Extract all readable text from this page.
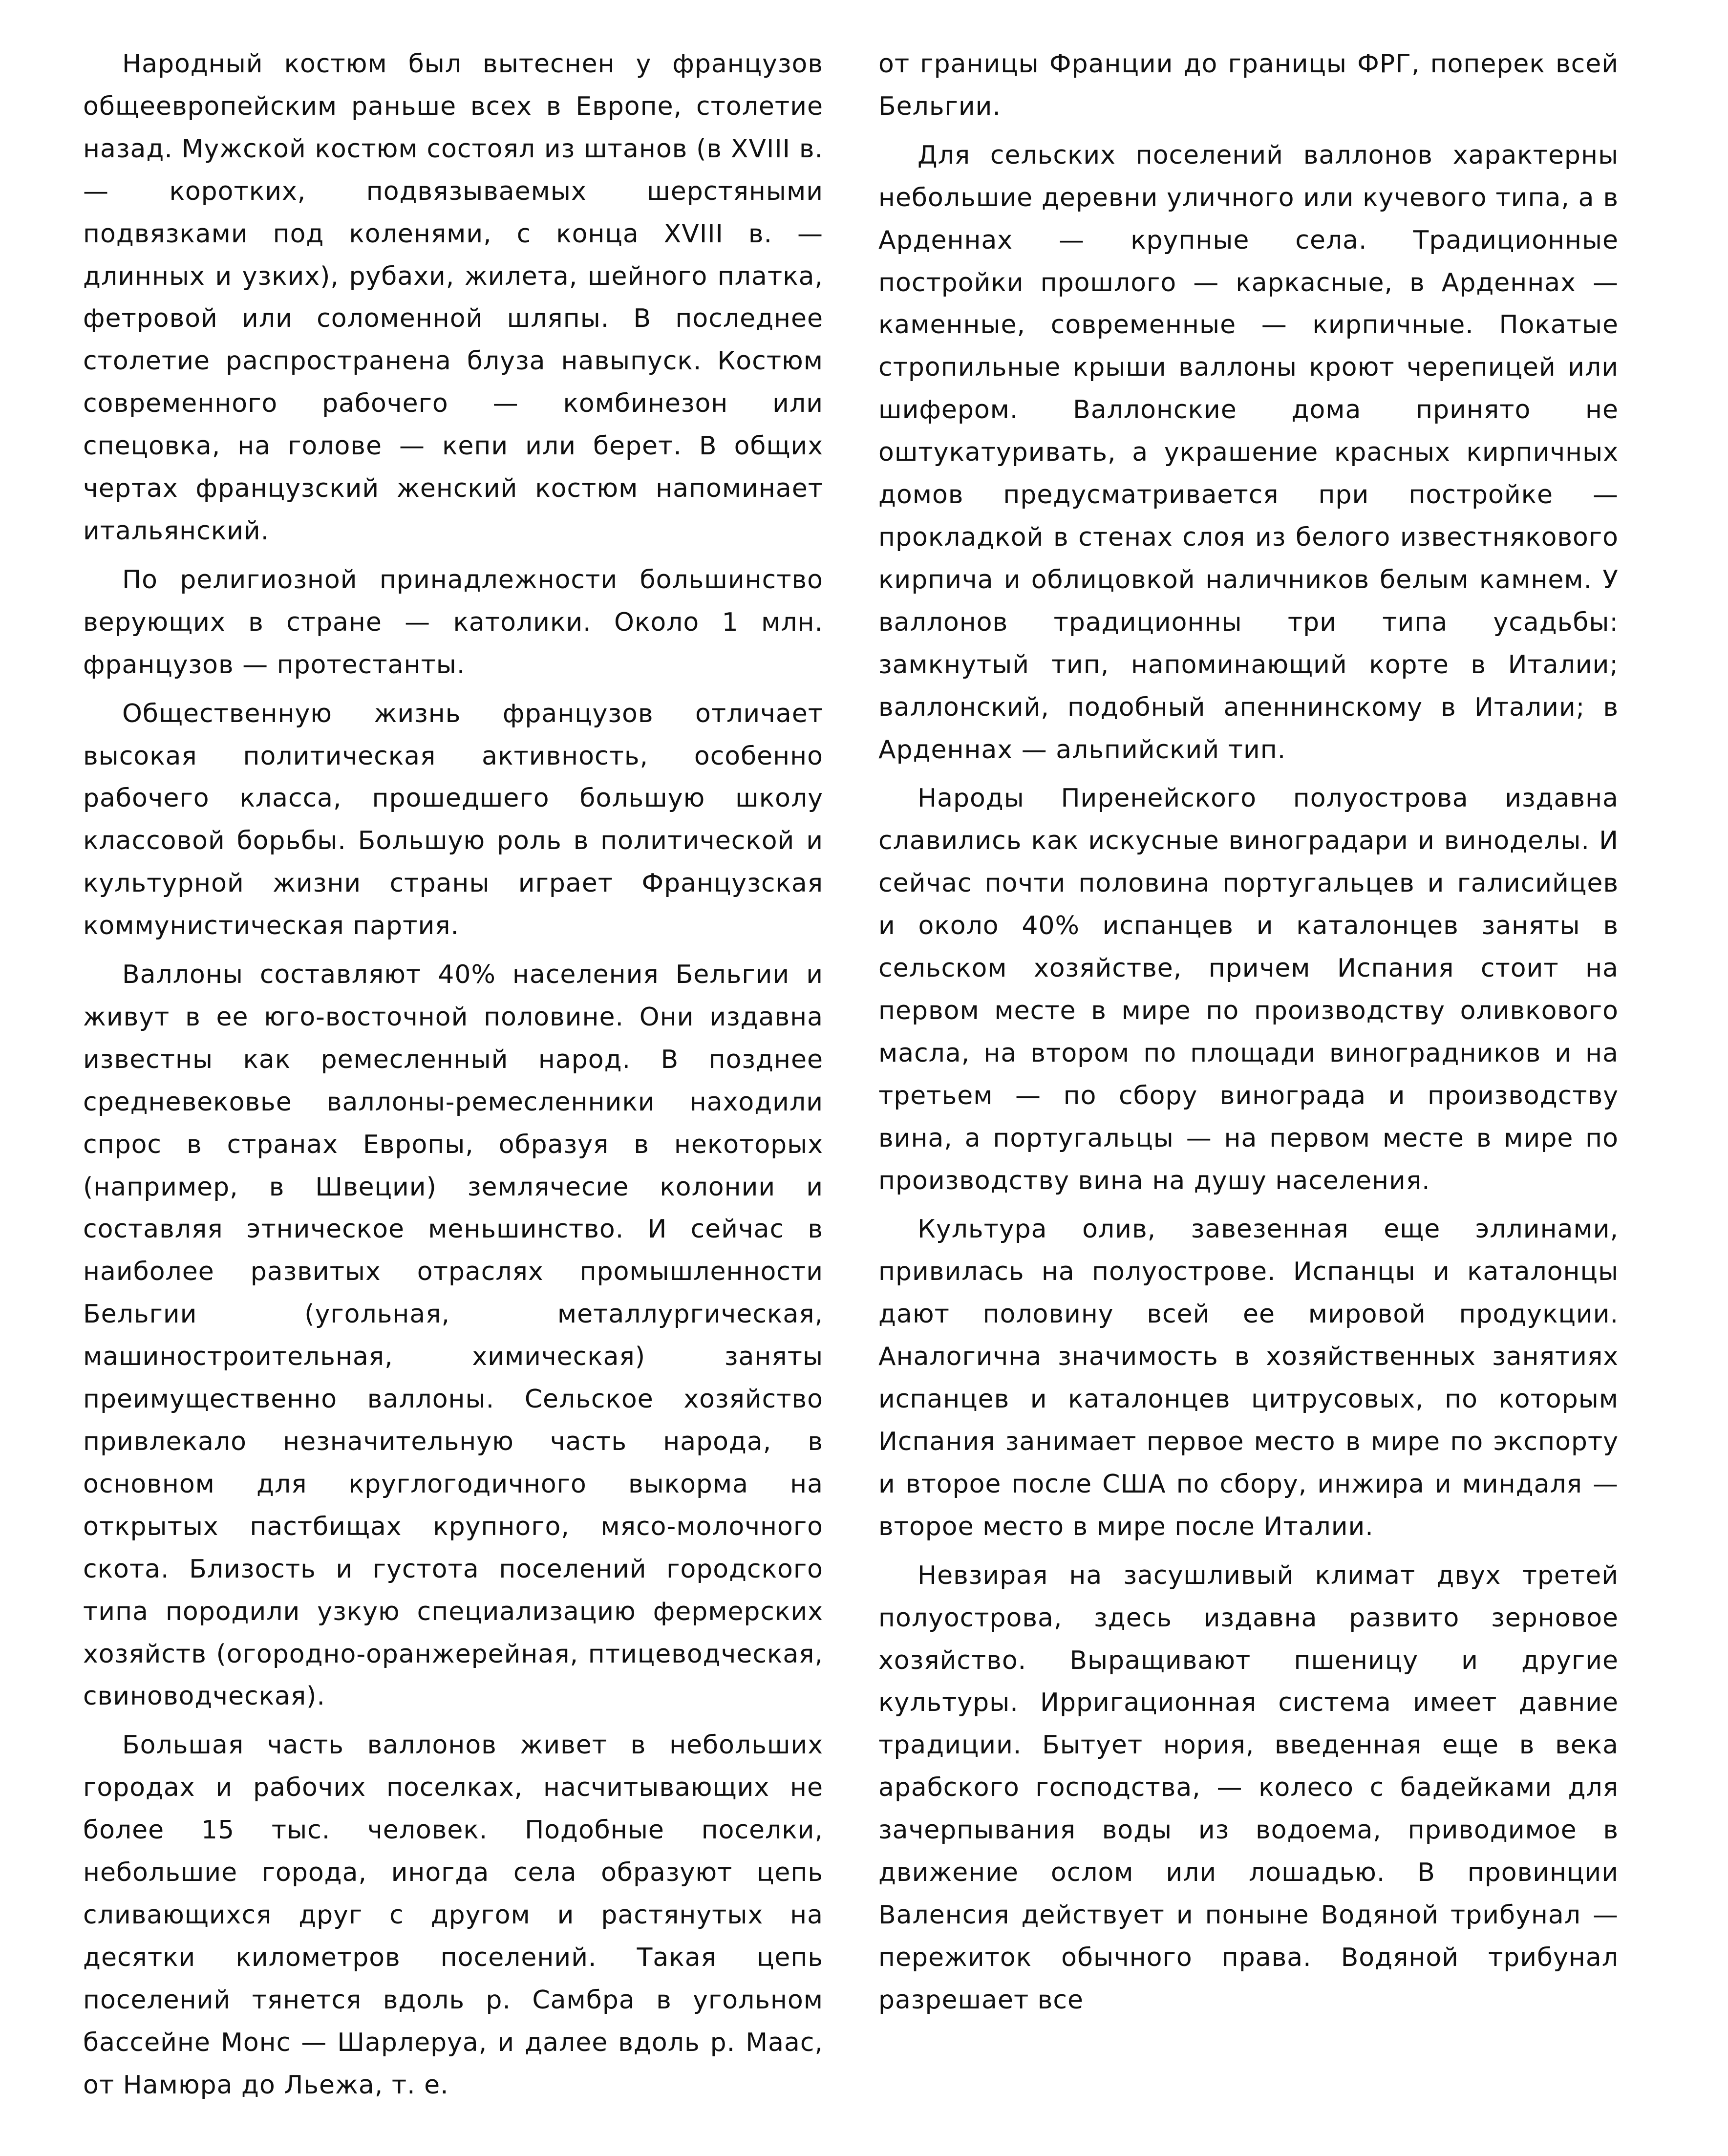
Народный костюм был вытеснен у французов общеевропейским раньше всех в Европе, столетие назад. Мужской костюм состоял из штанов (в XVIII в. — коротких, подвязываемых шерстяными подвязками под коленями, с конца XVIII в. — длинных и узких), рубахи, жилета, шейного платка, фетровой или соломенной шляпы. В последнее столетие распространена блуза навыпуск. Костюм современного рабочего — комбинезон или спецовка, на голове — кепи или берет. В общих чертах французский женский костюм напоминает итальянский.

По религиозной принадлежности большинство верующих в стране — католики. Около 1 млн. французов — протестанты.

Общественную жизнь французов отличает высокая политическая активность, особенно рабочего класса, прошедшего большую школу классовой борьбы. Большую роль в политической и культурной жизни страны играет Французская коммунистическая партия.

Валлоны составляют 40% населения Бельгии и живут в ее юго-восточной половине. Они издавна известны как ремесленный народ. В позднее средневековье валлоны-ремесленники находили спрос в странах Европы, образуя в некоторых (например, в Швеции) землячесие колонии и составляя этническое меньшинство. И сейчас в наиболее развитых отраслях промышленности Бельгии (угольная, металлургическая, машиностроительная, химическая) заняты преимущественно валлоны. Сельское хозяйство привлекало незначительную часть народа, в основном для круглогодичного выкорма на открытых пастбищах крупного, мясо-молочного скота. Близость и густота поселений городского типа породили узкую специализацию фермерских хозяйств (огородно-оранжерейная, птицеводческая, свиноводческая).

Большая часть валлонов живет в небольших городах и рабочих поселках, насчитывающих не более 15 тыс. человек. Подобные поселки, небольшие города, иногда села образуют цепь сливающихся друг с другом и растянутых на десятки километров поселений. Такая цепь поселений тянется вдоль р. Самбра в угольном бассейне Монс — Шарлеруа, и далее вдоль р. Маас, от Намюра до Льежа, т. е.

от границы Франции до границы ФРГ, поперек всей Бельгии.

Для сельских поселений валлонов характерны небольшие деревни уличного или кучевого типа, а в Арденнах — крупные села. Традиционные постройки прошлого — каркасные, в Арденнах — каменные, современные — кирпичные. Покатые стропильные крыши валлоны кроют черепицей или шифером. Валлонские дома принято не оштукатуривать, а украшение красных кирпичных домов предусматривается при постройке — прокладкой в стенах слоя из белого известнякового кирпича и облицовкой наличников белым камнем. У валлонов традиционны три типа усадьбы: замкнутый тип, напоминающий корте в Италии; валлонский, подобный апеннинскому в Италии; в Арденнах — альпийский тип.

Народы Пиренейского полуострова издавна славились как искусные виноградари и виноделы. И сейчас почти половина португальцев и галисийцев и около 40% испанцев и каталонцев заняты в сельском хозяйстве, причем Испания стоит на первом месте в мире по производству оливкового масла, на втором по площади виноградников и на третьем — по сбору винограда и производству вина, а португальцы — на первом месте в мире по производству вина на душу населения.

Культура олив, завезенная еще эллинами, привилась на полуострове. Испанцы и каталонцы дают половину всей ее мировой продукции. Аналогична значимость в хозяйственных занятиях испанцев и каталонцев цитрусовых, по которым Испания занимает первое место в мире по экспорту и второе после США по сбору, инжира и миндаля — второе место в мире после Италии.

Невзирая на засушливый климат двух третей полуострова, здесь издавна развито зерновое хозяйство. Выращивают пшеницу и другие культуры. Ирригационная система имеет давние традиции. Бытует нория, введенная еще в века арабского господства, — колесо с бадейками для зачерпывания воды из водоема, приводимое в движение ослом или лошадью. В провинции Валенсия действует и поныне Водяной трибунал — пережиток обычного права. Водяной трибунал разрешает все
